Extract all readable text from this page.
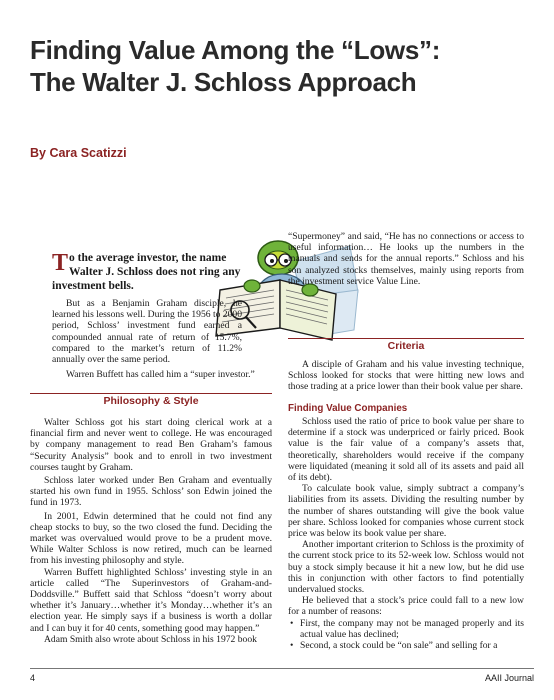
Finding Value Among the “Lows”:
The Walter J. Schloss Approach

By Cara Scatizzi

To the average investor, the name Walter J. Schloss does not ring any investment bells.

But as a Benjamin Graham disciple, he learned his lessons well. During the 1956 to 2000 period, Schloss’ investment fund earned a compounded annual rate of return of 15.7%, compared to the market’s return of 11.2% annually over the same period.

Warren Buffett has called him a “super investor.”

Philosophy & Style

Walter Schloss got his start doing clerical work at a financial firm and never went to college. He was encouraged by company management to read Ben Graham’s famous “Security Analysis” book and to enroll in two investment courses taught by Graham.

Schloss later worked under Ben Graham and eventually started his own fund in 1955. Schloss’ son Edwin joined the fund in 1973.

In 2001, Edwin determined that he could not find any cheap stocks to buy, so the two closed the fund. Deciding the market was overvalued would prove to be a prudent move. While Walter Schloss is now retired, much can be learned from his investing philosophy and style.

Warren Buffett highlighted Schloss’ investing style in an article called “The Superinvestors of Graham-and-Doddsville.” Buffett said that Schloss “doesn’t worry about whether it’s January…whether it’s Monday…whether it’s an election year. He simply says if a business is worth a dollar and I can buy it for 40 cents, something good may happen.”

Adam Smith also wrote about Schloss in his 1972 book

“Supermoney” and said, “He has no connections or access to useful information… He looks up the numbers in the manuals and sends for the annual reports.” Schloss and his son analyzed stocks themselves, mainly using reports from the investment service Value Line.

Criteria

A disciple of Graham and his value investing technique, Schloss looked for stocks that were hitting new lows and those trading at a price lower than their book value per share.

Finding Value Companies

Schloss used the ratio of price to book value per share to determine if a stock was underpriced or fairly priced. Book value is the fair value of a company’s assets that, theoretically, shareholders would receive if the company were liquidated (meaning it sold all of its assets and paid all of its debt).

To calculate book value, simply subtract a company’s liabilities from its assets. Dividing the resulting number by the number of shares outstanding will give the book value per share. Schloss looked for companies whose current stock price was below its book value per share.

Another important criterion to Schloss is the proximity of the current stock price to its 52-week low. Schloss would not buy a stock simply because it hit a new low, but he did use this in conjunction with other factors to find potentially undervalued stocks.

He believed that a stock’s price could fall to a new low for a number of reasons:

• First, the company may not be managed properly and its actual value has declined;
• Second, a stock could be “on sale” and selling for a
4	AAII Journal
